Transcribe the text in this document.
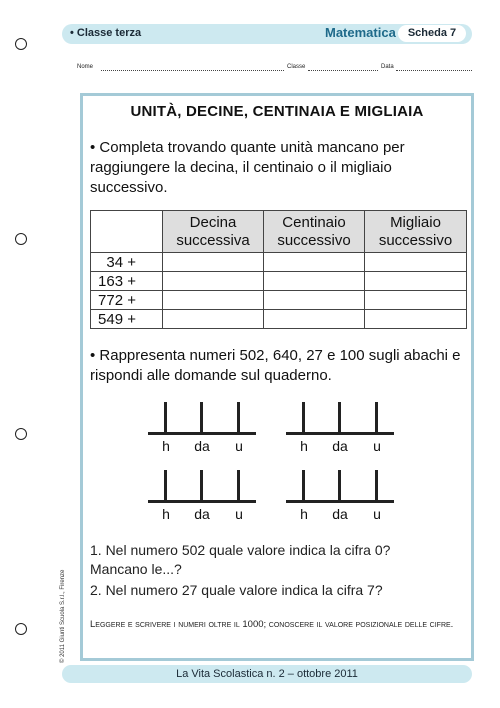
• Classe terza	Matematica	Scheda 7
Nome	Classe	Data
UNITÀ, DECINE, CENTINAIA E MIGLIAIA
• Completa trovando quante unità mancano per raggiungere la decina, il centinaio o il migliaio successivo.
	Decina successiva	Centinaio successivo	Migliaio successivo
34 +			
163 +			
772 +			
549 +			
• Rappresenta numeri 502, 640, 27 e 100 sugli abachi e rispondi alle domande sul quaderno.
h	da	u	h	da	u
h	da	u	h	da	u
1. Nel numero 502 quale valore indica la cifra 0?
Mancano le...?
2. Nel numero 27 quale valore indica la cifra 7?
Leggere e scrivere i numeri oltre il 1000; conoscere il valore posizionale delle cifre.
© 2011 Giunti Scuola S.r.l., Firenze
La Vita Scolastica n. 2 – ottobre 2011
